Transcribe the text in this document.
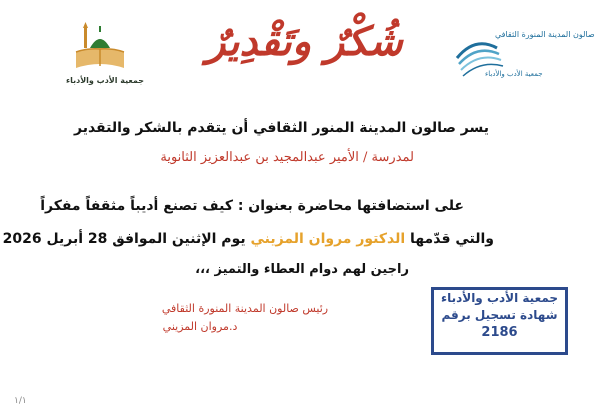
صالون المدينة المنورة الثقافي
جمعية الأدب والأدباء
جمعية الأدب والأدباء
شُكْرٌ وتَقْدِيرٌ
يسر صالون المدينة المنور الثقافي أن يتقدم بالشكر والتقدير
لمدرسة / الأمير عبدالمجيد بن عبدالعزيز الثانوية
على استضافتها محاضرة بعنوان : كيف تصنع أديباً مثقفاً مفكراً
والتي قدّمها الدكتور مروان المزيني يوم الإثنين الموافق 28 أبريل 2026
راجين لهم دوام العطاء والتميز ،،،
رئيس صالون المدينة المنورة الثقافي
د.مروان المزيني
جمعية الأدب والأدباء
شهادة تسجيل برقم
2186
١/١
